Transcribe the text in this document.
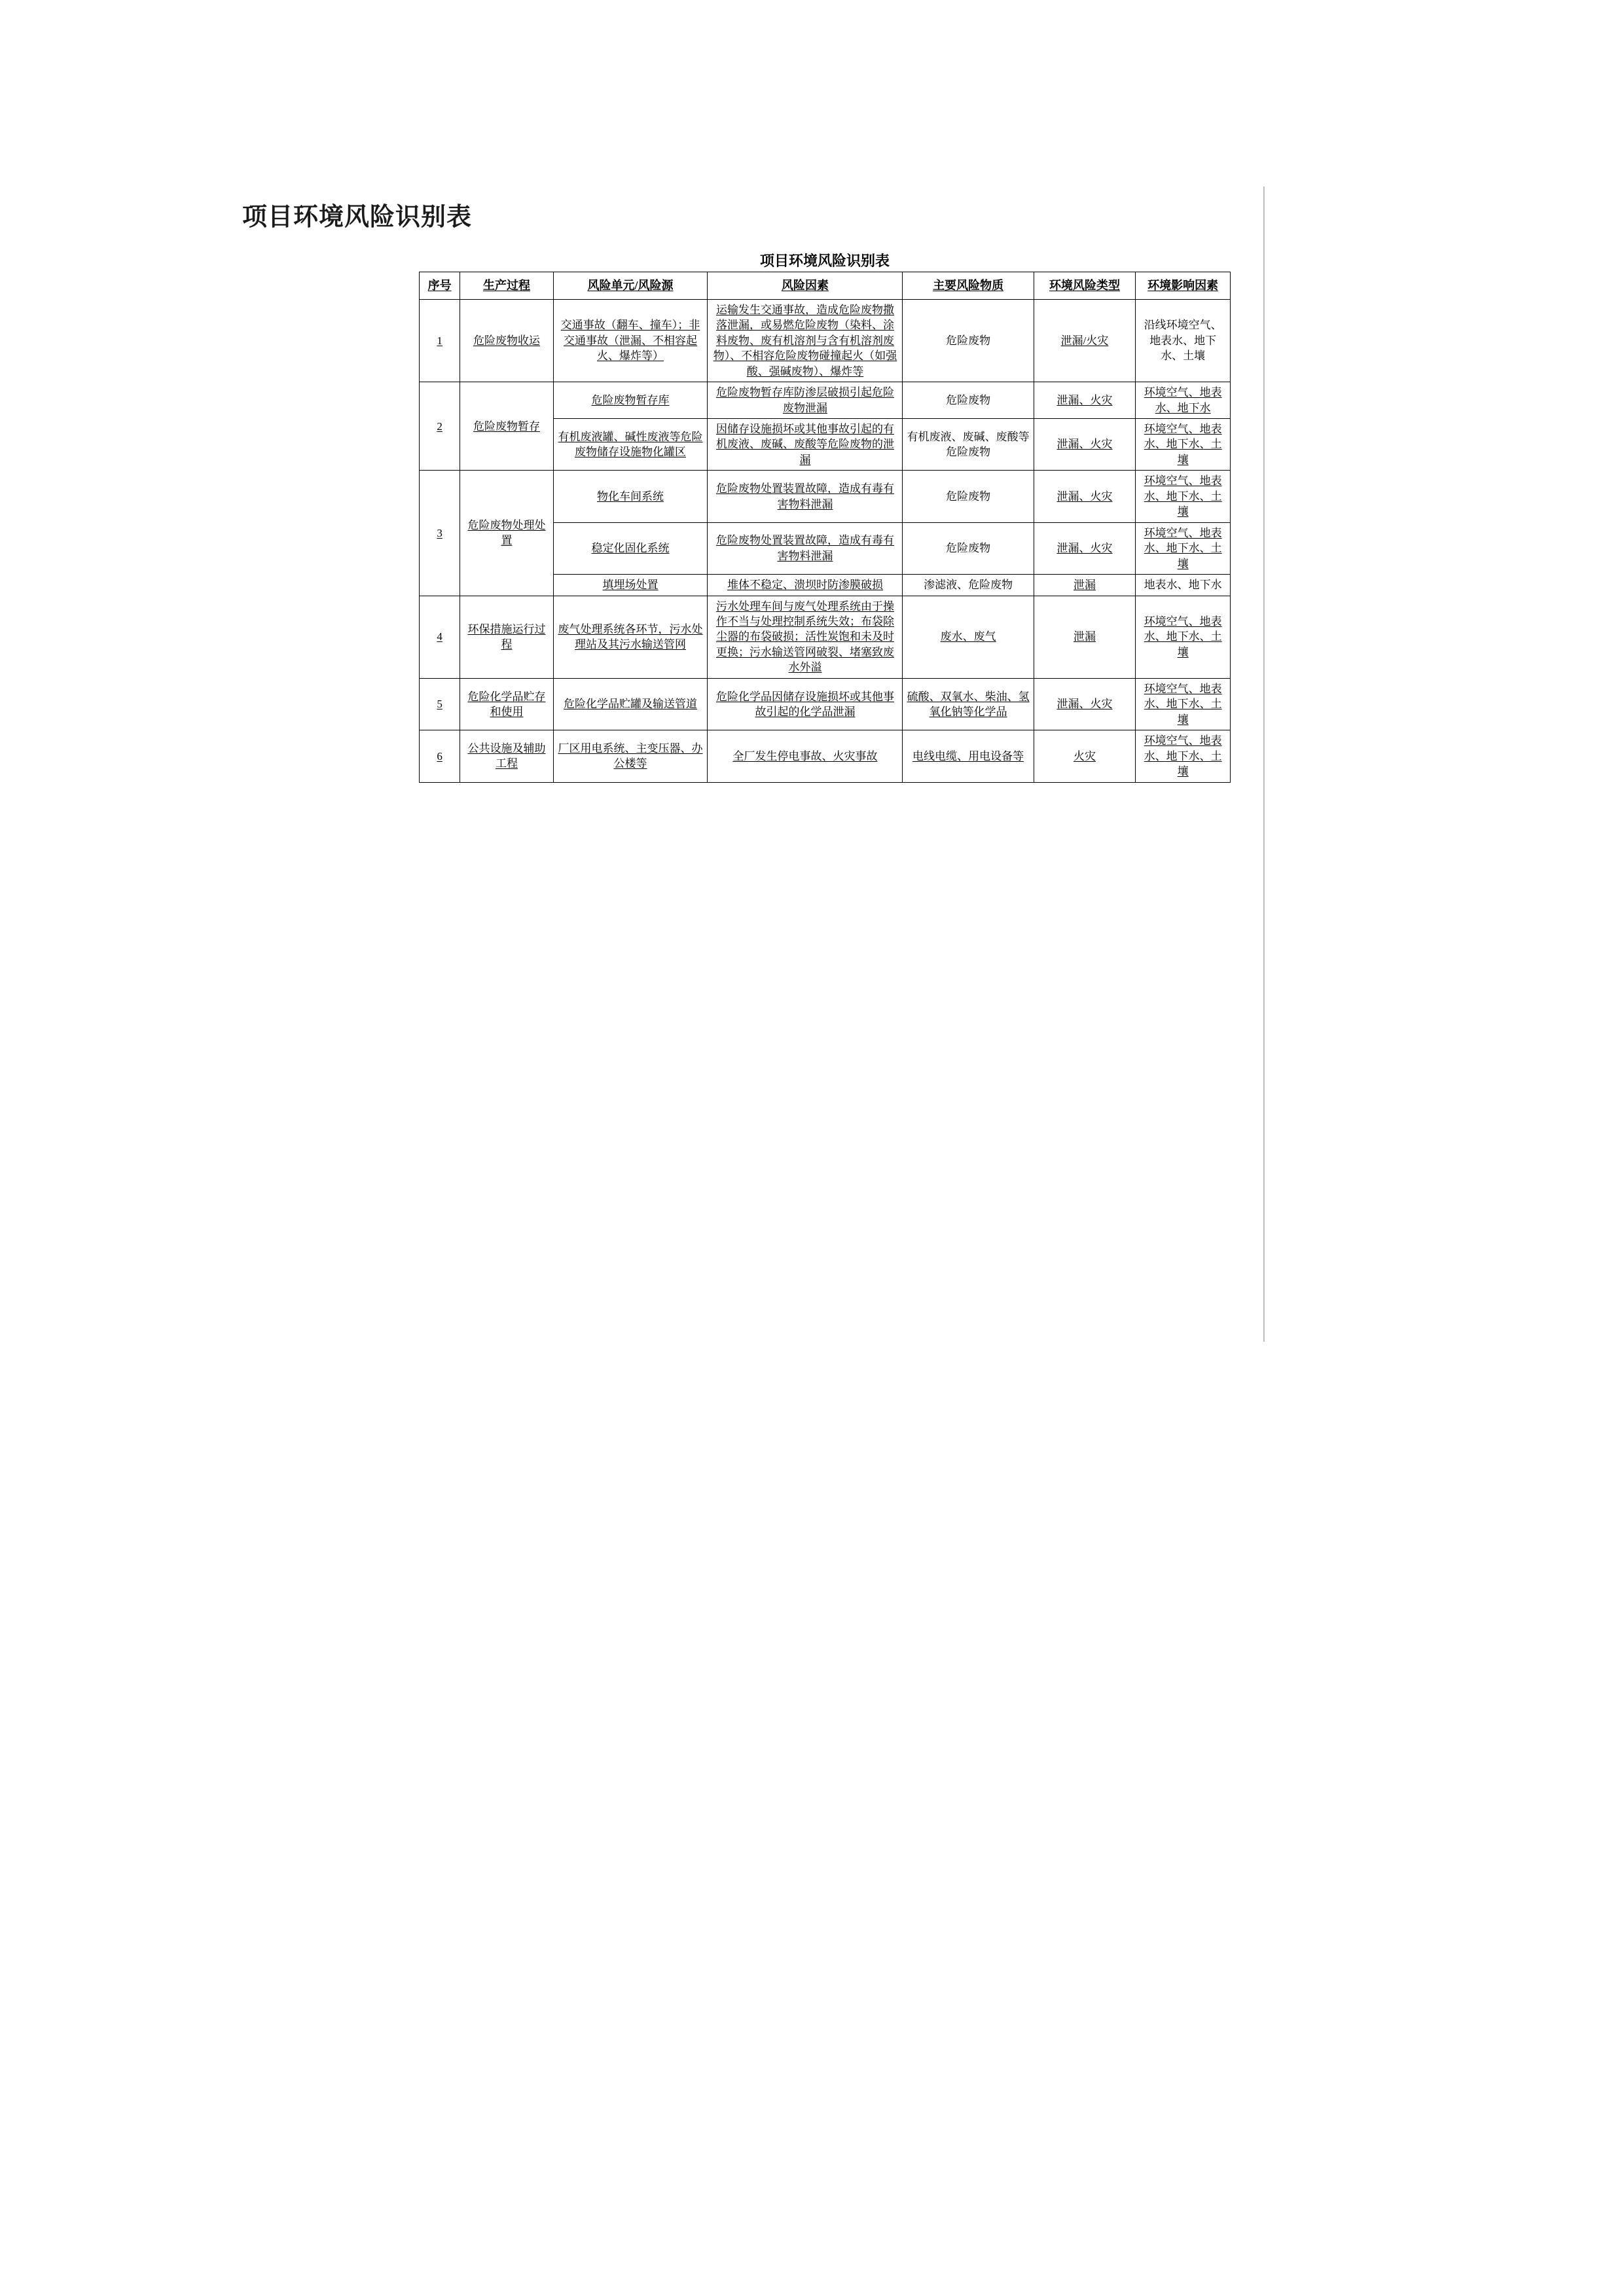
项目环境风险识别表
项目环境风险识别表
序号	生产过程	风险单元/风险源	风险因素	主要风险物质	环境风险类型	环境影响因素

1	危险废物收运	交通事故（翻车、撞车）；非交通事故（泄漏、不相容起火、爆炸等）	运输发生交通事故，造成危险废物撒落泄漏，或易燃危险废物（染料、涂料废物、废有机溶剂与含有机溶剂废物）、不相容危险废物碰撞起火（如强酸、强碱废物）、爆炸等	危险废物	泄漏/火灾	沿线环境空气、地表水、地下水、土壤

2	危险废物暂存	危险废物暂存库	危险废物暂存库防渗层破损引起危险废物泄漏	危险废物	泄漏、火灾	环境空气、地表水、地下水

		有机废液罐、碱性废液等危险废物储存设施物化罐区	因储存设施损坏或其他事故引起的有机废液、废碱、废酸等危险废物的泄漏	有机废液、废碱、废酸等危险废物	泄漏、火灾	环境空气、地表水、地下水、土壤

3	危险废物处理处置	物化车间系统	危险废物处置装置故障，造成有毒有害物料泄漏	危险废物	泄漏、火灾	环境空气、地表水、地下水、土壤

		稳定化固化系统	危险废物处置装置故障，造成有毒有害物料泄漏	危险废物	泄漏、火灾	环境空气、地表水、地下水、土壤

		填埋场处置	堆体不稳定、溃坝时防渗膜破损	渗滤液、危险废物	泄漏	地表水、地下水

4	环保措施运行过程	废气处理系统各环节，污水处理站及其污水输送管网	污水处理车间与废气处理系统由于操作不当与处理控制系统失效；布袋除尘器的布袋破损；活性炭饱和未及时更换；污水输送管网破裂、堵塞致废水外溢	废水、废气	泄漏	环境空气、地表水、地下水、土壤

5	危险化学品贮存和使用	危险化学品贮罐及输送管道	危险化学品因储存设施损坏或其他事故引起的化学品泄漏	硫酸、双氧水、柴油、氢氧化钠等化学品	泄漏、火灾	环境空气、地表水、地下水、土壤

6	公共设施及辅助工程	厂区用电系统、主变压器、办公楼等	全厂发生停电事故、火灾事故	电线电缆、用电设备等	火灾	环境空气、地表水、地下水、土壤
